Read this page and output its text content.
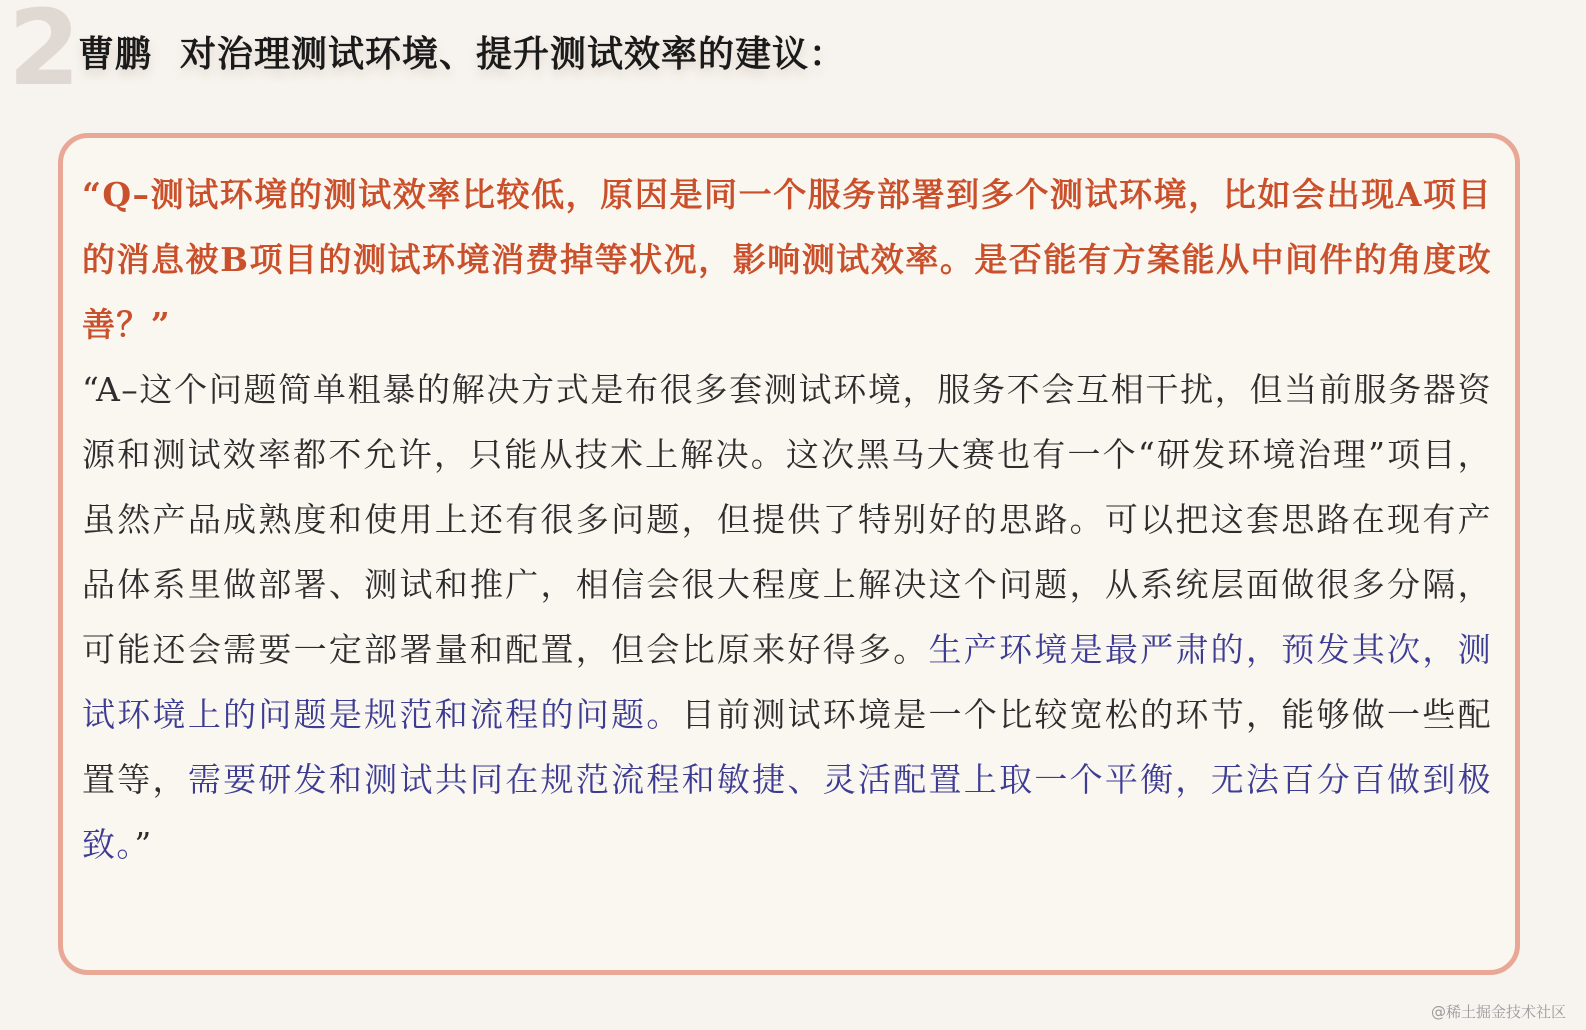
2
曹鹏 对治理测试环境、提升测试效率的建议：

“Q–测试环境的测试效率比较低，原因是同一个服务部署到多个测试环境，比如会出现A项目的消息被B项目的测试环境消费掉等状况，影响测试效率。是否能有方案能从中间件的角度改善？”

“A–这个问题简单粗暴的解决方式是布很多套测试环境，服务不会互相干扰，但当前服务器资源和测试效率都不允许，只能从技术上解决。这次黑马大赛也有一个“研发环境治理”项目，虽然产品成熟度和使用上还有很多问题，但提供了特别好的思路。可以把这套思路在现有产品体系里做部署、测试和推广，相信会很大程度上解决这个问题，从系统层面做很多分隔，可能还会需要一定部署量和配置，但会比原来好得多。生产环境是最严肃的，预发其次，测试环境上的问题是规范和流程的问题。目前测试环境是一个比较宽松的环节，能够做一些配置等，需要研发和测试共同在规范流程和敏捷、灵活配置上取一个平衡，无法百分百做到极致。”

@稀土掘金技术社区
